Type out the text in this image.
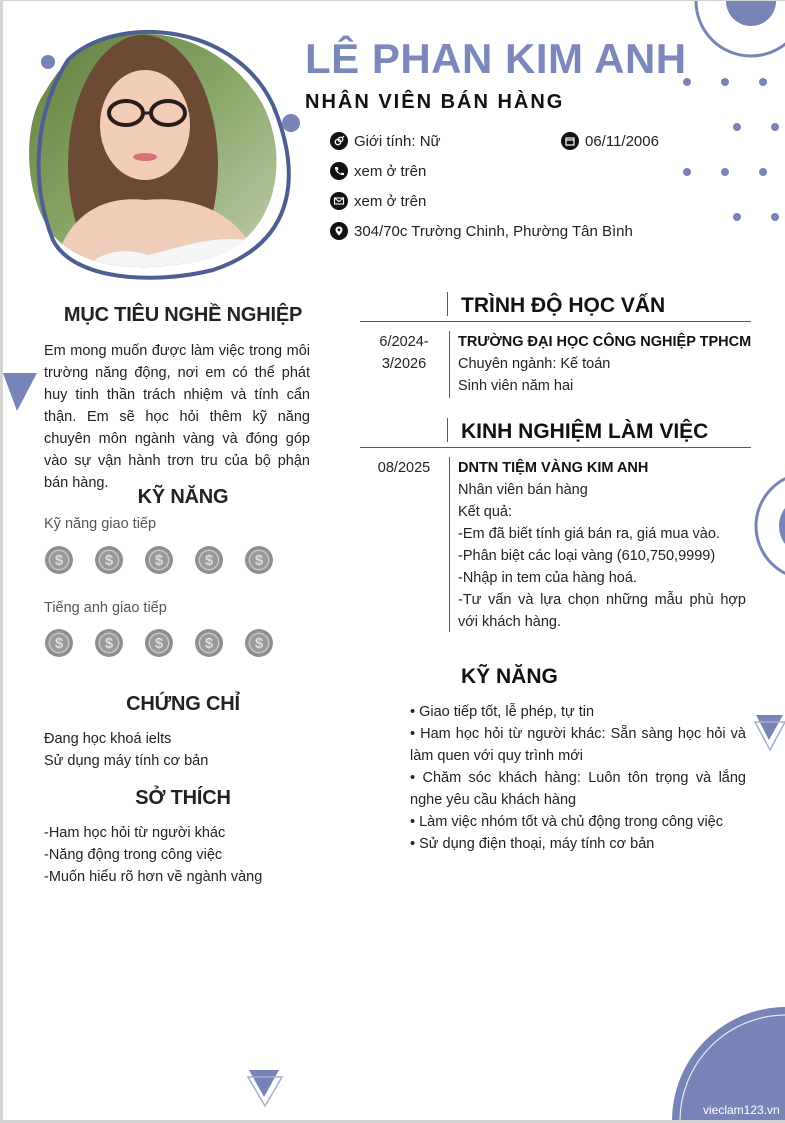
LÊ PHAN KIM ANH
NHÂN VIÊN BÁN HÀNG
Giới tính: Nữ	06/11/2006
xem ở trên
xem ở trên
304/70c Trường Chinh, Phường Tân Bình
MỤC TIÊU NGHỀ NGHIỆP
Em mong muốn được làm việc trong môi trường năng động, nơi em có thể phát huy tinh thần trách nhiệm và tính cẩn thận. Em sẽ học hỏi thêm kỹ năng chuyên môn ngành vàng và đóng góp vào sự vận hành trơn tru của bộ phận bán hàng.
KỸ NĂNG
Kỹ năng giao tiếp
$	$	$	$	$
Tiếng anh giao tiếp
$	$	$	$	$
CHỨNG CHỈ
Đang học khoá ielts
Sử dụng máy tính cơ bản
SỞ THÍCH
-Ham học hỏi từ người khác
-Năng động trong công việc
-Muốn hiểu rõ hơn về ngành vàng
TRÌNH ĐỘ HỌC VẤN
6/2024-
3/2026
TRƯỜNG ĐẠI HỌC CÔNG NGHIỆP TPHCM
Chuyên ngành: Kế toán
Sinh viên năm hai
KINH NGHIỆM LÀM VIỆC
08/2025	DNTN TIỆM VÀNG KIM ANH
Nhân viên bán hàng
Kết quả:
-Em đã biết tính giá bán ra, giá mua vào.
-Phân biệt các loại vàng (610,750,9999)
-Nhập in tem của hàng hoá.
-Tư vấn và lựa chọn những mẫu phù hợp với khách hàng.
KỸ NĂNG
• Giao tiếp tốt, lễ phép, tự tin
• Ham học hỏi từ người khác: Sẵn sàng học hỏi và làm quen với quy trình mới
• Chăm sóc khách hàng: Luôn tôn trọng và lắng nghe yêu cầu khách hàng
• Làm việc nhóm tốt và chủ động trong công việc
• Sử dụng điện thoại, máy tính cơ bản
vieclam123.vn
